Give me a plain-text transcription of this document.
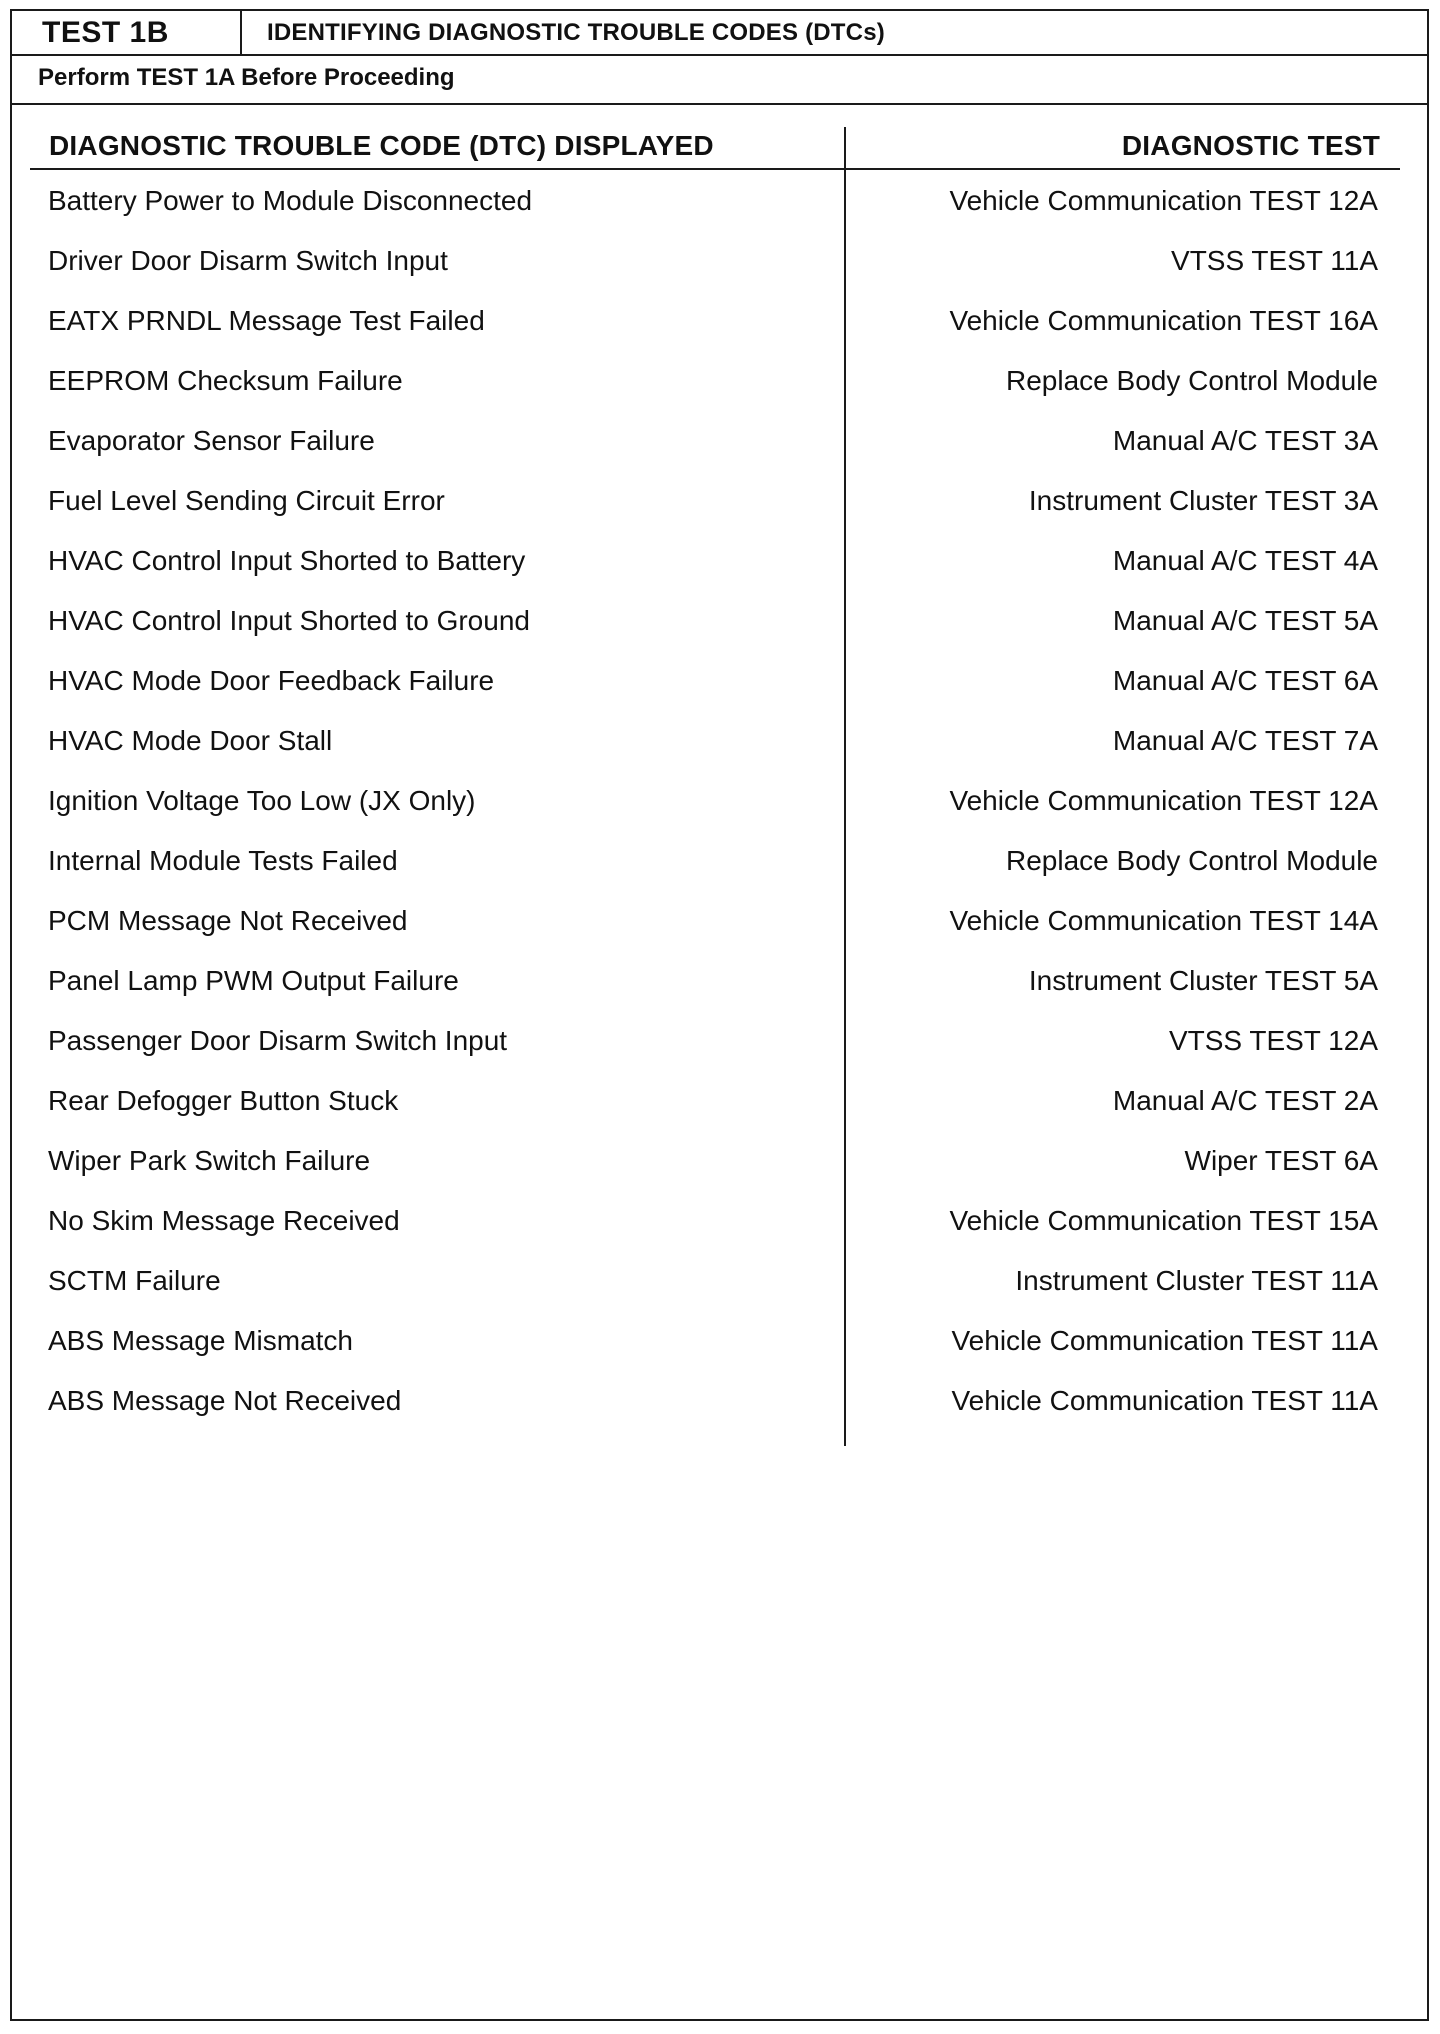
TEST 1B	IDENTIFYING DIAGNOSTIC TROUBLE CODES (DTCs)
Perform TEST 1A Before Proceeding
DIAGNOSTIC TROUBLE CODE (DTC) DISPLAYED	DIAGNOSTIC TEST
Battery Power to Module Disconnected	Vehicle Communication TEST 12A
Driver Door Disarm Switch Input	VTSS TEST 11A
EATX PRNDL Message Test Failed	Vehicle Communication TEST 16A
EEPROM Checksum Failure	Replace Body Control Module
Evaporator Sensor Failure	Manual A/C TEST 3A
Fuel Level Sending Circuit Error	Instrument Cluster TEST 3A
HVAC Control Input Shorted to Battery	Manual A/C TEST 4A
HVAC Control Input Shorted to Ground	Manual A/C TEST 5A
HVAC Mode Door Feedback Failure	Manual A/C TEST 6A
HVAC Mode Door Stall	Manual A/C TEST 7A
Ignition Voltage Too Low (JX Only)	Vehicle Communication TEST 12A
Internal Module Tests Failed	Replace Body Control Module
PCM Message Not Received	Vehicle Communication TEST 14A
Panel Lamp PWM Output Failure	Instrument Cluster TEST 5A
Passenger Door Disarm Switch Input	VTSS TEST 12A
Rear Defogger Button Stuck	Manual A/C TEST 2A
Wiper Park Switch Failure	Wiper TEST 6A
No Skim Message Received	Vehicle Communication TEST 15A
SCTM Failure	Instrument Cluster TEST 11A
ABS Message Mismatch	Vehicle Communication TEST 11A
ABS Message Not Received	Vehicle Communication TEST 11A
